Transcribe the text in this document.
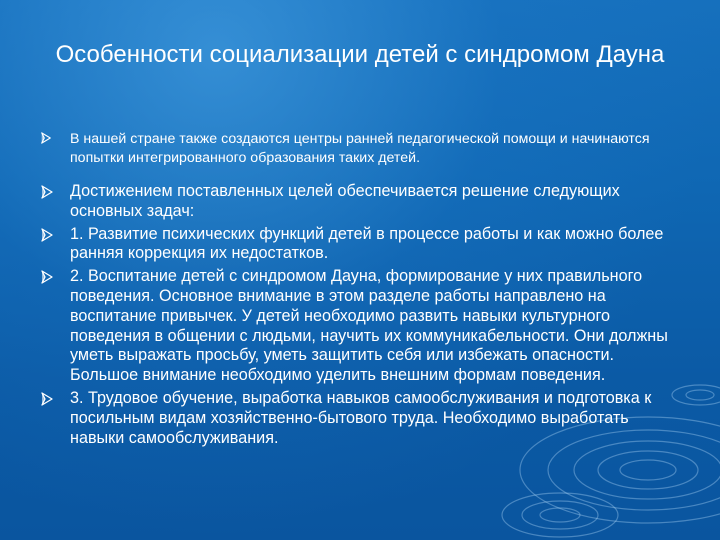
Особенности социализации детей с синдромом Дауна
В нашей стране также создаются центры ранней педагогической помощи и начинаются попытки интегрированного образования таких детей.
Достижением поставленных целей обеспечивается решение следующих основных задач:
1. Развитие психических функций детей в процессе работы и как можно более ранняя коррекция их недостатков.
2. Воспитание детей с синдромом Дауна, формирование у них правильного поведения. Основное внимание в этом разделе работы направлено на воспитание привычек. У детей необходимо развить навыки культурного поведения в общении с людьми, научить их коммуникабельности. Они должны уметь выражать просьбу, уметь защитить себя или избежать опасности. Большое внимание необходимо уделить внешним формам поведения.
3. Трудовое обучение, выработка навыков самообслуживания и подготовка к посильным видам хозяйственно-бытового труда. Необходимо выработать навыки самообслуживания.
